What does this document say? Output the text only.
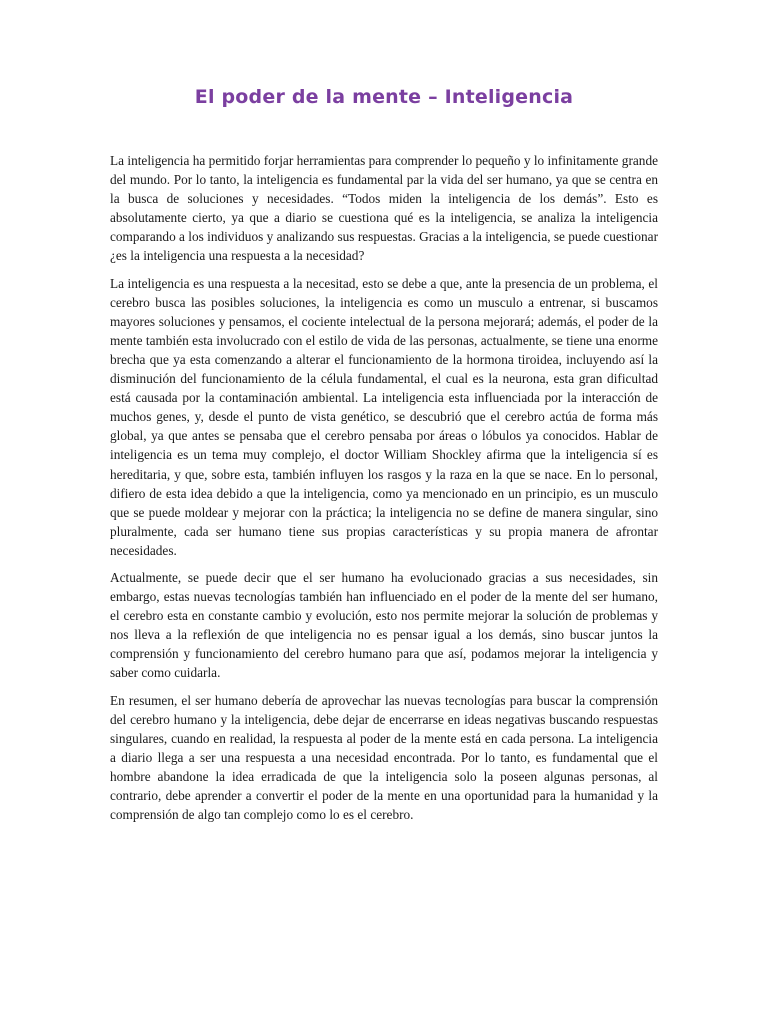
El poder de la mente – Inteligencia

La inteligencia ha permitido forjar herramientas para comprender lo pequeño y lo infinitamente grande del mundo. Por lo tanto, la inteligencia es fundamental par la vida del ser humano, ya que se centra en la busca de soluciones y necesidades. “Todos miden la inteligencia de los demás”. Esto es absolutamente cierto, ya que a diario se cuestiona qué es la inteligencia, se analiza la inteligencia comparando a los individuos y analizando sus respuestas. Gracias a la inteligencia, se puede cuestionar ¿es la inteligencia una respuesta a la necesidad?

La inteligencia es una respuesta a la necesitad, esto se debe a que, ante la presencia de un problema, el cerebro busca las posibles soluciones, la inteligencia es como un musculo a entrenar, si buscamos mayores soluciones y pensamos, el cociente intelectual de la persona mejorará; además, el poder de la mente también esta involucrado con el estilo de vida de las personas, actualmente, se tiene una enorme brecha que ya esta comenzando a alterar el funcionamiento de la hormona tiroidea, incluyendo así la disminución del funcionamiento de la célula fundamental, el cual es la neurona, esta gran dificultad está causada por la contaminación ambiental. La inteligencia esta influenciada por la interacción de muchos genes, y, desde el punto de vista genético, se descubrió que el cerebro actúa de forma más global, ya que antes se pensaba que el cerebro pensaba por áreas o lóbulos ya conocidos. Hablar de inteligencia es un tema muy complejo, el doctor William Shockley afirma que la inteligencia sí es hereditaria, y que, sobre esta, también influyen los rasgos y la raza en la que se nace. En lo personal, difiero de esta idea debido a que la inteligencia, como ya mencionado en un principio, es un musculo que se puede moldear y mejorar con la práctica; la inteligencia no se define de manera singular, sino pluralmente, cada ser humano tiene sus propias características y su propia manera de afrontar necesidades.

Actualmente, se puede decir que el ser humano ha evolucionado gracias a sus necesidades, sin embargo, estas nuevas tecnologías también han influenciado en el poder de la mente del ser humano, el cerebro esta en constante cambio y evolución, esto nos permite mejorar la solución de problemas y nos lleva a la reflexión de que inteligencia no es pensar igual a los demás, sino buscar juntos la comprensión y funcionamiento del cerebro humano para que así, podamos mejorar la inteligencia y saber como cuidarla.

En resumen, el ser humano debería de aprovechar las nuevas tecnologías para buscar la comprensión del cerebro humano y la inteligencia, debe dejar de encerrarse en ideas negativas buscando respuestas singulares, cuando en realidad, la respuesta al poder de la mente está en cada persona. La inteligencia a diario llega a ser una respuesta a una necesidad encontrada. Por lo tanto, es fundamental que el hombre abandone la idea erradicada de que la inteligencia solo la poseen algunas personas, al contrario, debe aprender a convertir el poder de la mente en una oportunidad para la humanidad y la comprensión de algo tan complejo como lo es el cerebro.
